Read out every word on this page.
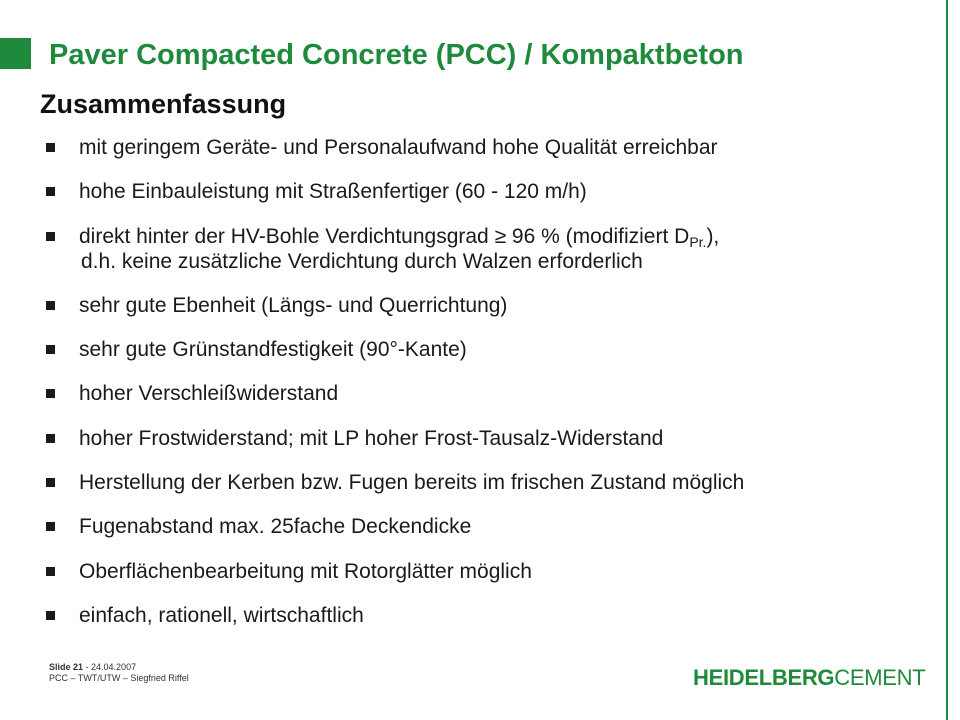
Paver Compacted Concrete (PCC) / Kompaktbeton
Zusammenfassung
mit geringem Geräte- und Personalaufwand hohe Qualität erreichbar
hohe Einbauleistung mit Straßenfertiger (60 - 120 m/h)
direkt hinter der HV-Bohle Verdichtungsgrad ≥ 96 % (modifiziert $D_{Pr.}$),
d.h. keine zusätzliche Verdichtung durch Walzen erforderlich
sehr gute Ebenheit (Längs- und Querrichtung)
sehr gute Grünstandfestigkeit (90°-Kante)
hoher Verschleißwiderstand
hoher Frostwiderstand; mit LP hoher Frost-Tausalz-Widerstand
Herstellung der Kerben bzw. Fugen bereits im frischen Zustand möglich
Fugenabstand max. 25fache Deckendicke
Oberflächenbearbeitung mit Rotorglätter möglich
einfach, rationell, wirtschaftlich
Slide 21 - 24.04.2007
PCC – TWT/UTW – Siegfried Riffel	HEIDELBERGCEMENT
